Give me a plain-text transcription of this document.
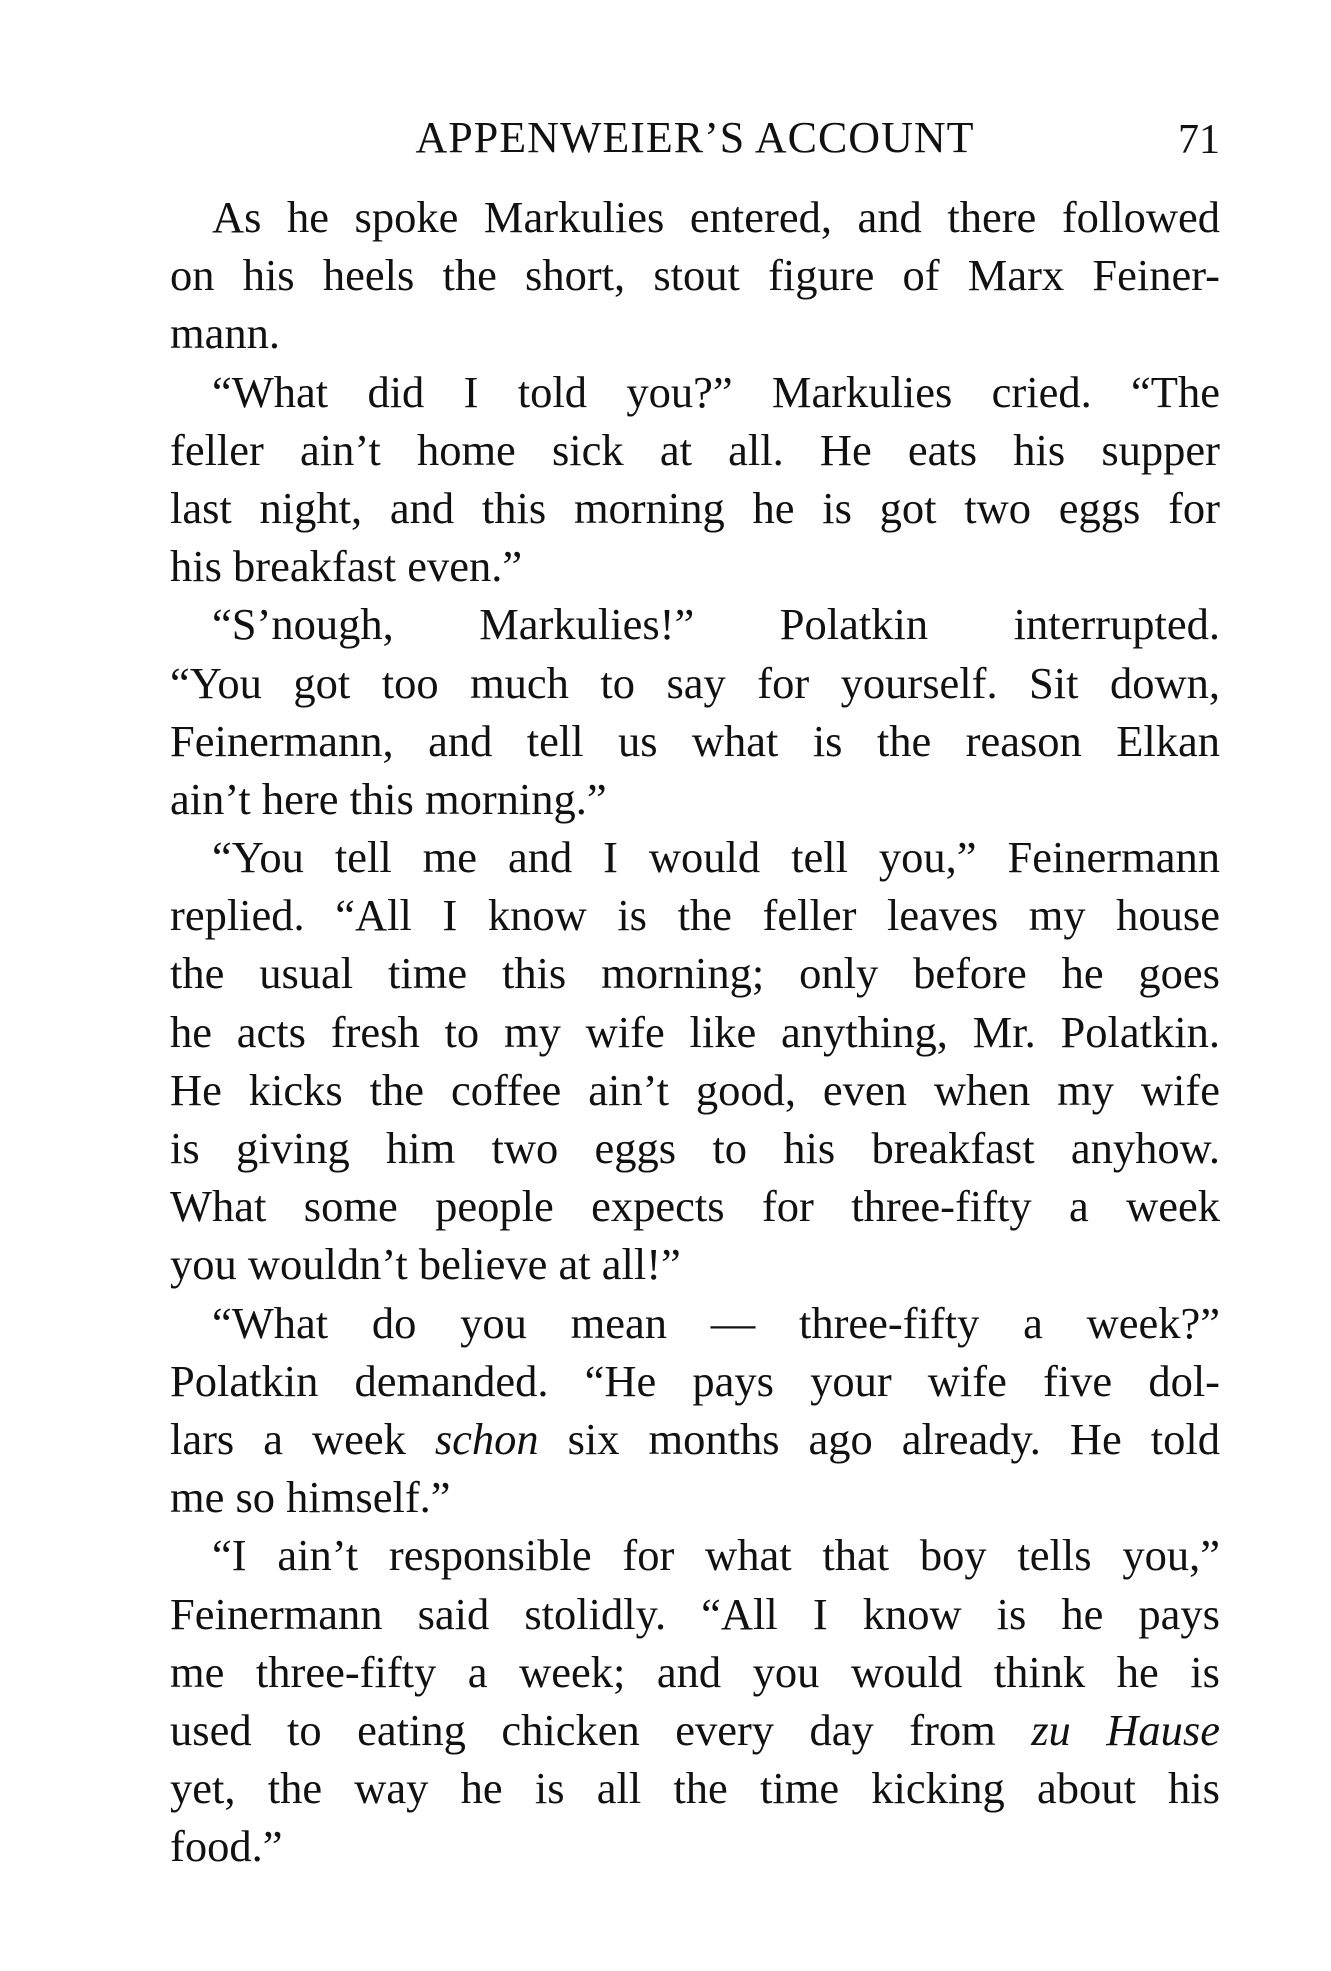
APPENWEIER’S ACCOUNT	71
As he spoke Markulies entered, and there followed
on his heels the short, stout figure of Marx Feiner-
mann.
“What did I told you?” Markulies cried. “The
feller ain’t home sick at all. He eats his supper
last night, and this morning he is got two eggs for
his breakfast even.”
“S’nough, Markulies!” Polatkin interrupted.
“You got too much to say for yourself. Sit down,
Feinermann, and tell us what is the reason Elkan
ain’t here this morning.”
“You tell me and I would tell you,” Feinermann
replied. “All I know is the feller leaves my house
the usual time this morning; only before he goes
he acts fresh to my wife like anything, Mr. Polatkin.
He kicks the coffee ain’t good, even when my wife
is giving him two eggs to his breakfast anyhow.
What some people expects for three-fifty a week
you wouldn’t believe at all!”
“What do you mean — three-fifty a week?”
Polatkin demanded. “He pays your wife five dol-
lars a week schon six months ago already. He told
me so himself.”
“I ain’t responsible for what that boy tells you,”
Feinermann said stolidly. “All I know is he pays
me three-fifty a week; and you would think he is
used to eating chicken every day from zu Hause
yet, the way he is all the time kicking about his
food.”
